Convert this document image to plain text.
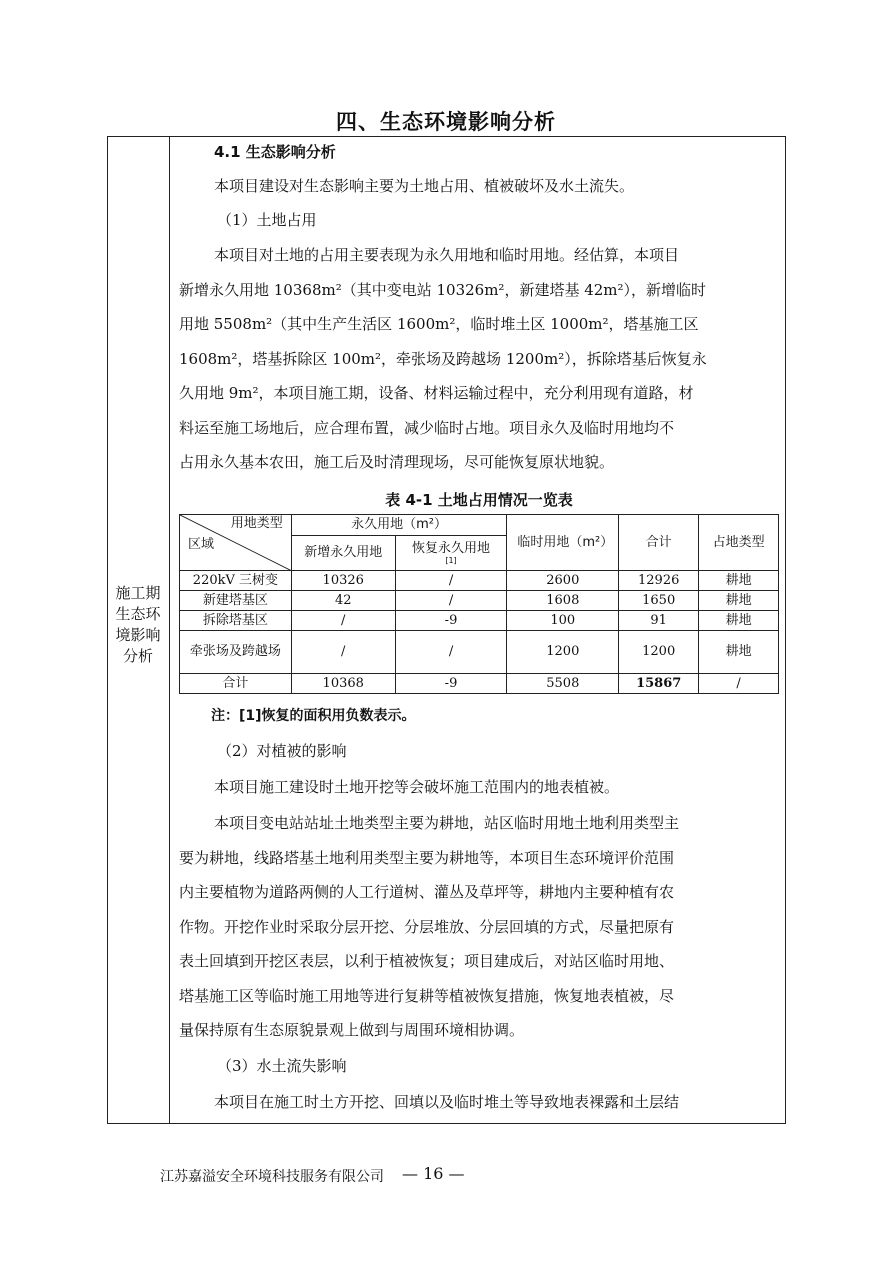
四、生态环境影响分析
施工期
生态环
境影响
分析
4.1 生态影响分析
本项目建设对生态影响主要为土地占用、植被破坏及水土流失。
（1）土地占用
本项目对土地的占用主要表现为永久用地和临时用地。经估算，本项目
新增永久用地 10368m²（其中变电站 10326m²，新建塔基 42m²），新增临时
用地 5508m²（其中生产生活区 1600m²，临时堆土区 1000m²，塔基施工区
1608m²，塔基拆除区 100m²，牵张场及跨越场 1200m²），拆除塔基后恢复永
久用地 9m²，本项目施工期，设备、材料运输过程中，充分利用现有道路，材
料运至施工场地后，应合理布置，减少临时占地。项目永久及临时用地均不
占用永久基本农田，施工后及时清理现场，尽可能恢复原状地貌。
表 4-1 土地占用情况一览表
用地类型
区域	永久用地（m²）		临时用地（m²）	合计	占地类型
	新增永久用地	恢复永久用地
[1]			

220kV 三树变	10326	/	2600	12926	耕地
新建塔基区	42	/	1608	1650	耕地
拆除塔基区	/	-9	100	91	耕地
牵张场及跨越场	/	/	1200	1200	耕地
合计	10368	-9	5508	15867	/
注：[1]恢复的面积用负数表示。
（2）对植被的影响
本项目施工建设时土地开挖等会破坏施工范围内的地表植被。
本项目变电站站址土地类型主要为耕地，站区临时用地土地利用类型主
要为耕地，线路塔基土地利用类型主要为耕地等，本项目生态环境评价范围
内主要植物为道路两侧的人工行道树、灌丛及草坪等，耕地内主要种植有农
作物。开挖作业时采取分层开挖、分层堆放、分层回填的方式，尽量把原有
表土回填到开挖区表层，以利于植被恢复；项目建成后，对站区临时用地、
塔基施工区等临时施工用地等进行复耕等植被恢复措施，恢复地表植被，尽
量保持原有生态原貌景观上做到与周围环境相协调。
（3）水土流失影响
本项目在施工时土方开挖、回填以及临时堆土等导致地表裸露和土层结
江苏嘉溢安全环境科技服务有限公司 — 16 —
